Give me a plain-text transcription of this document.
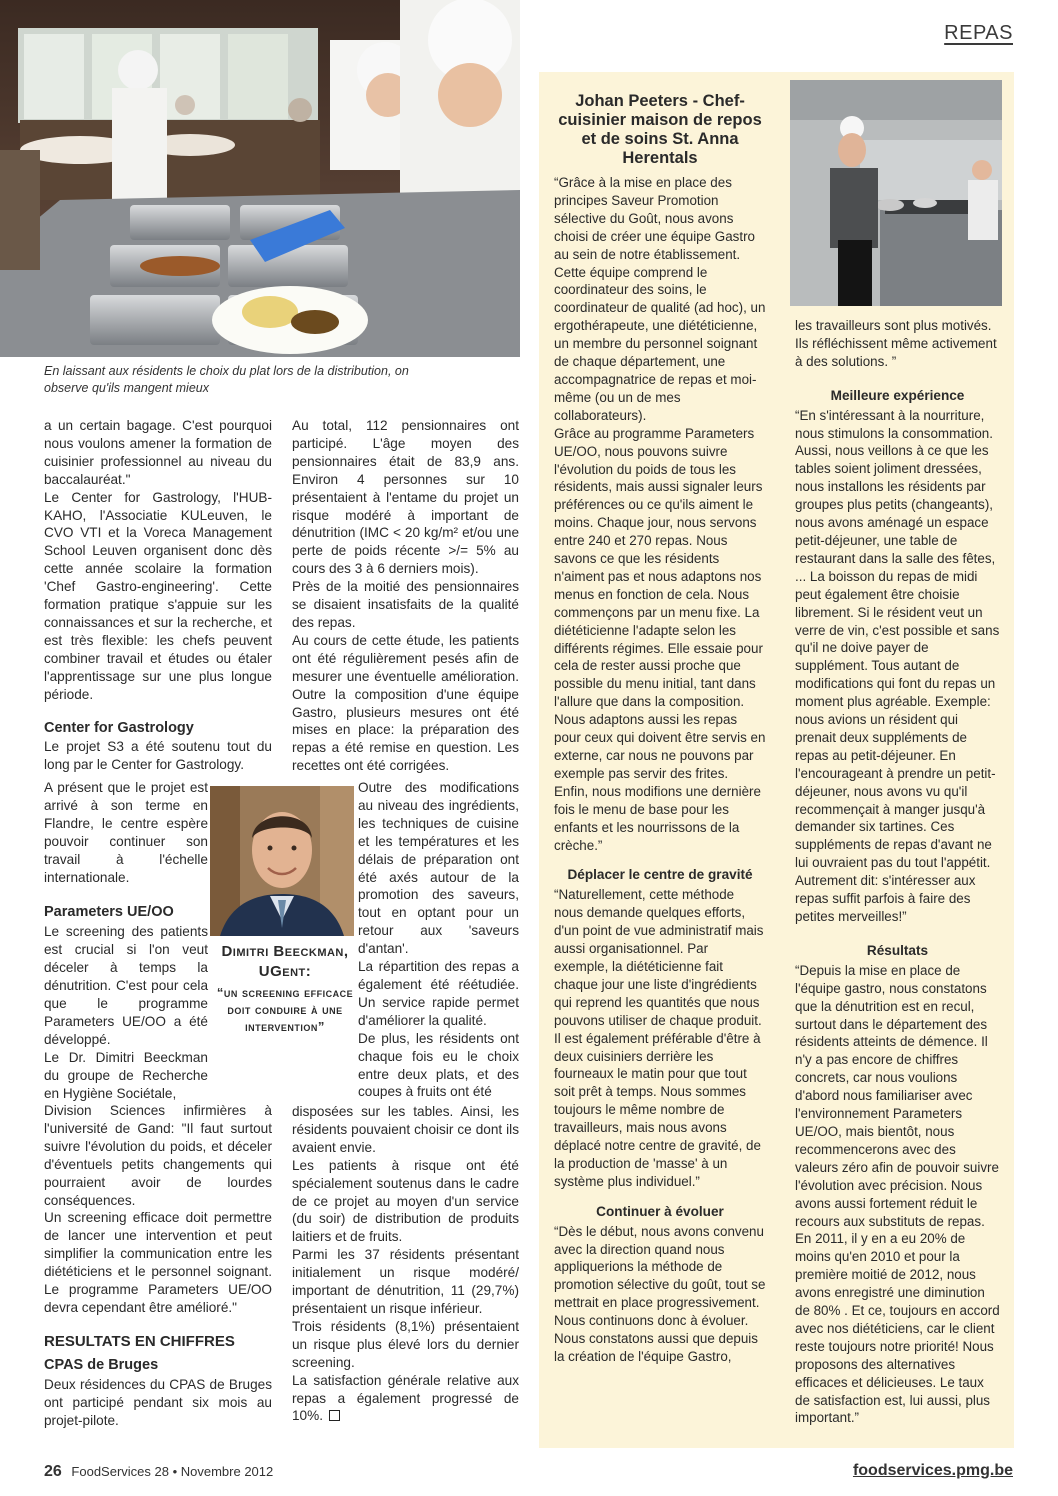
REPAS
En laissant aux résidents le choix du plat lors de la distribution, on observe qu'ils mangent mieux

a un certain bagage. C'est pourquoi nous voulons amener la formation de cuisinier professionnel au niveau du baccalauréat."

Le Center for Gastrology, l'HUB-KAHO, l'Associatie KULeuven, le CVO VTI et la Voreca Management School Leuven organisent donc dès cette année scolaire la formation 'Chef Gastro-engineering'. Cette formation pratique s'appuie sur les connaissances et sur la recherche, et est très flexible: les chefs peuvent combiner travail et études ou étaler l'apprentissage sur une plus longue période.

Center for Gastrology

Le projet S3 a été soutenu tout du long par le Center for Gastrology.

A présent que le projet est arrivé à son terme en Flandre, le centre espère pouvoir continuer son travail à l'échelle internationale.

Parameters UE/OO

Le screening des patients est crucial si l'on veut déceler à temps la dénutrition. C'est pour cela que le programme Parameters UE/OO a été développé.

Le Dr. Dimitri Beeckman du groupe de Recherche en Hygiène Sociétale,

Division Sciences infirmières à l'université de Gand: "Il faut surtout suivre l'évolution du poids, et déceler d'éventuels petits changements qui pourraient avoir de lourdes conséquences.

Un screening efficace doit permettre de lancer une intervention et peut simplifier la communication entre les diététiciens et le personnel soignant. Le programme Parameters UE/OO devra cependant être amélioré."

RESULTATS EN CHIFFRES
CPAS de Bruges

Deux résidences du CPAS de Bruges ont participé pendant six mois au projet-pilote.

Dimitri Beeckman, UGent:
“un screening efficace doit conduire à une intervention”

Au total, 112 pensionnaires ont participé. L'âge moyen des pensionnaires était de 83,9 ans. Environ 4 personnes sur 10 présentaient à l'entame du projet un risque modéré à important de dénutrition (IMC < 20 kg/m² et/ou une perte de poids récente >/= 5% au cours des 3 à 6 derniers mois).

Près de la moitié des pensionnaires se disaient insatisfaits de la qualité des repas.

Au cours de cette étude, les patients ont été régulièrement pesés afin de mesurer une éventuelle amélioration. Outre la composition d'une équipe Gastro, plusieurs mesures ont été mises en place: la préparation des repas a été remise en question. Les recettes ont été corrigées.

Outre des modifications au niveau des ingrédients, les techniques de cuisine et les températures et les délais de préparation ont été axés autour de la promotion des saveurs, tout en optant pour un retour aux 'saveurs d'antan'.

La répartition des repas a également été réétudiée. Un service rapide permet d'améliorer la qualité.

De plus, les résidents ont chaque fois eu le choix entre deux plats, et des coupes à fruits ont été

disposées sur les tables. Ainsi, les résidents pouvaient choisir ce dont ils avaient envie.

Les patients à risque ont été spécialement soutenus dans le cadre de ce projet au moyen d'un service (du soir) de distribution de produits laitiers et de fruits.

Parmi les 37 résidents présentant initialement un risque modéré/ important de dénutrition, 11 (29,7%) présentaient un risque inférieur.

Trois résidents (8,1%) présentaient un risque plus élevé lors du dernier screening.

La satisfaction générale relative aux repas a également progressé de 10%.

Johan Peeters - Chef-cuisinier maison de repos et de soins St. Anna Herentals

“Grâce à la mise en place des principes Saveur Promotion sélective du Goût, nous avons choisi de créer une équipe Gastro au sein de notre établissement. Cette équipe comprend le coordinateur des soins, le coordinateur de qualité (ad hoc), un ergothérapeute, une diététicienne, un membre du personnel soignant de chaque département, une accompagnatrice de repas et moi-même (ou un de mes collaborateurs).

Grâce au programme Parameters UE/OO, nous pouvons suivre l'évolution du poids de tous les résidents, mais aussi signaler leurs préférences ou ce qu'ils aiment le moins. Chaque jour, nous servons entre 240 et 270 repas. Nous savons ce que les résidents n'aiment pas et nous adaptons nos menus en fonction de cela. Nous commençons par un menu fixe. La diététicienne l'adapte selon les différents régimes. Elle essaie pour cela de rester aussi proche que possible du menu initial, tant dans l'allure que dans la composition. Nous adaptons aussi les repas pour ceux qui doivent être servis en externe, car nous ne pouvons par exemple pas servir des frites. Enfin, nous modifions une dernière fois le menu de base pour les enfants et les nourrissons de la crèche.”

Déplacer le centre de gravité

“Naturellement, cette méthode nous demande quelques efforts, d'un point de vue administratif mais aussi organisationnel. Par exemple, la diététicienne fait chaque jour une liste d'ingrédients qui reprend les quantités que nous pouvons utiliser de chaque produit. Il est également préférable d'être à deux cuisiniers derrière les fourneaux le matin pour que tout soit prêt à temps. Nous sommes toujours le même nombre de travailleurs, mais nous avons déplacé notre centre de gravité, de la production de 'masse' à un système plus individuel.”

Continuer à évoluer

“Dès le début, nous avons convenu avec la direction quand nous appliquerions la méthode de promotion sélective du goût, tout se mettrait en place progressivement. Nous continuons donc à évoluer. Nous constatons aussi que depuis la création de l'équipe Gastro,

les travailleurs sont plus motivés. Ils réfléchissent même activement à des solutions. ”

Meilleure expérience

“En s'intéressant à la nourriture, nous stimulons la consommation. Aussi, nous veillons à ce que les tables soient joliment dressées, nous installons les résidents par groupes plus petits (changeants), nous avons aménagé un espace petit-déjeuner, une table de restaurant dans la salle des fêtes, ... La boisson du repas de midi peut également être choisie librement. Si le résident veut un verre de vin, c'est possible et sans qu'il ne doive payer de supplément. Tous autant de modifications qui font du repas un moment plus agréable. Exemple: nous avions un résident qui prenait deux suppléments de repas au petit-déjeuner. En l'encourageant à prendre un petit-déjeuner, nous avons vu qu'il recommençait à manger jusqu'à demander six tartines. Ces suppléments de repas d'avant ne lui ouvraient pas du tout l'appétit. Autrement dit: s'intéresser aux repas suffit parfois à faire des petites merveilles!”

Résultats

“Depuis la mise en place de l'équipe gastro, nous constatons que la dénutrition est en recul, surtout dans le département des résidents atteints de démence. Il n'y a pas encore de chiffres concrets, car nous voulions d'abord nous familiariser avec l'environnement Parameters UE/OO, mais bientôt, nous recommencerons avec des valeurs zéro afin de pouvoir suivre l'évolution avec précision. Nous avons aussi fortement réduit le recours aux substituts de repas. En 2011, il y en a eu 20% de moins qu'en 2010 et pour la première moitié de 2012, nous avons enregistré une diminution de 80% . Et ce, toujours en accord avec nos diététiciens, car le client reste toujours notre priorité! Nous proposons des alternatives efficaces et délicieuses. Le taux de satisfaction est, lui aussi, plus important.”

26 FoodServices 28 • Novembre 2012	foodservices.pmg.be
